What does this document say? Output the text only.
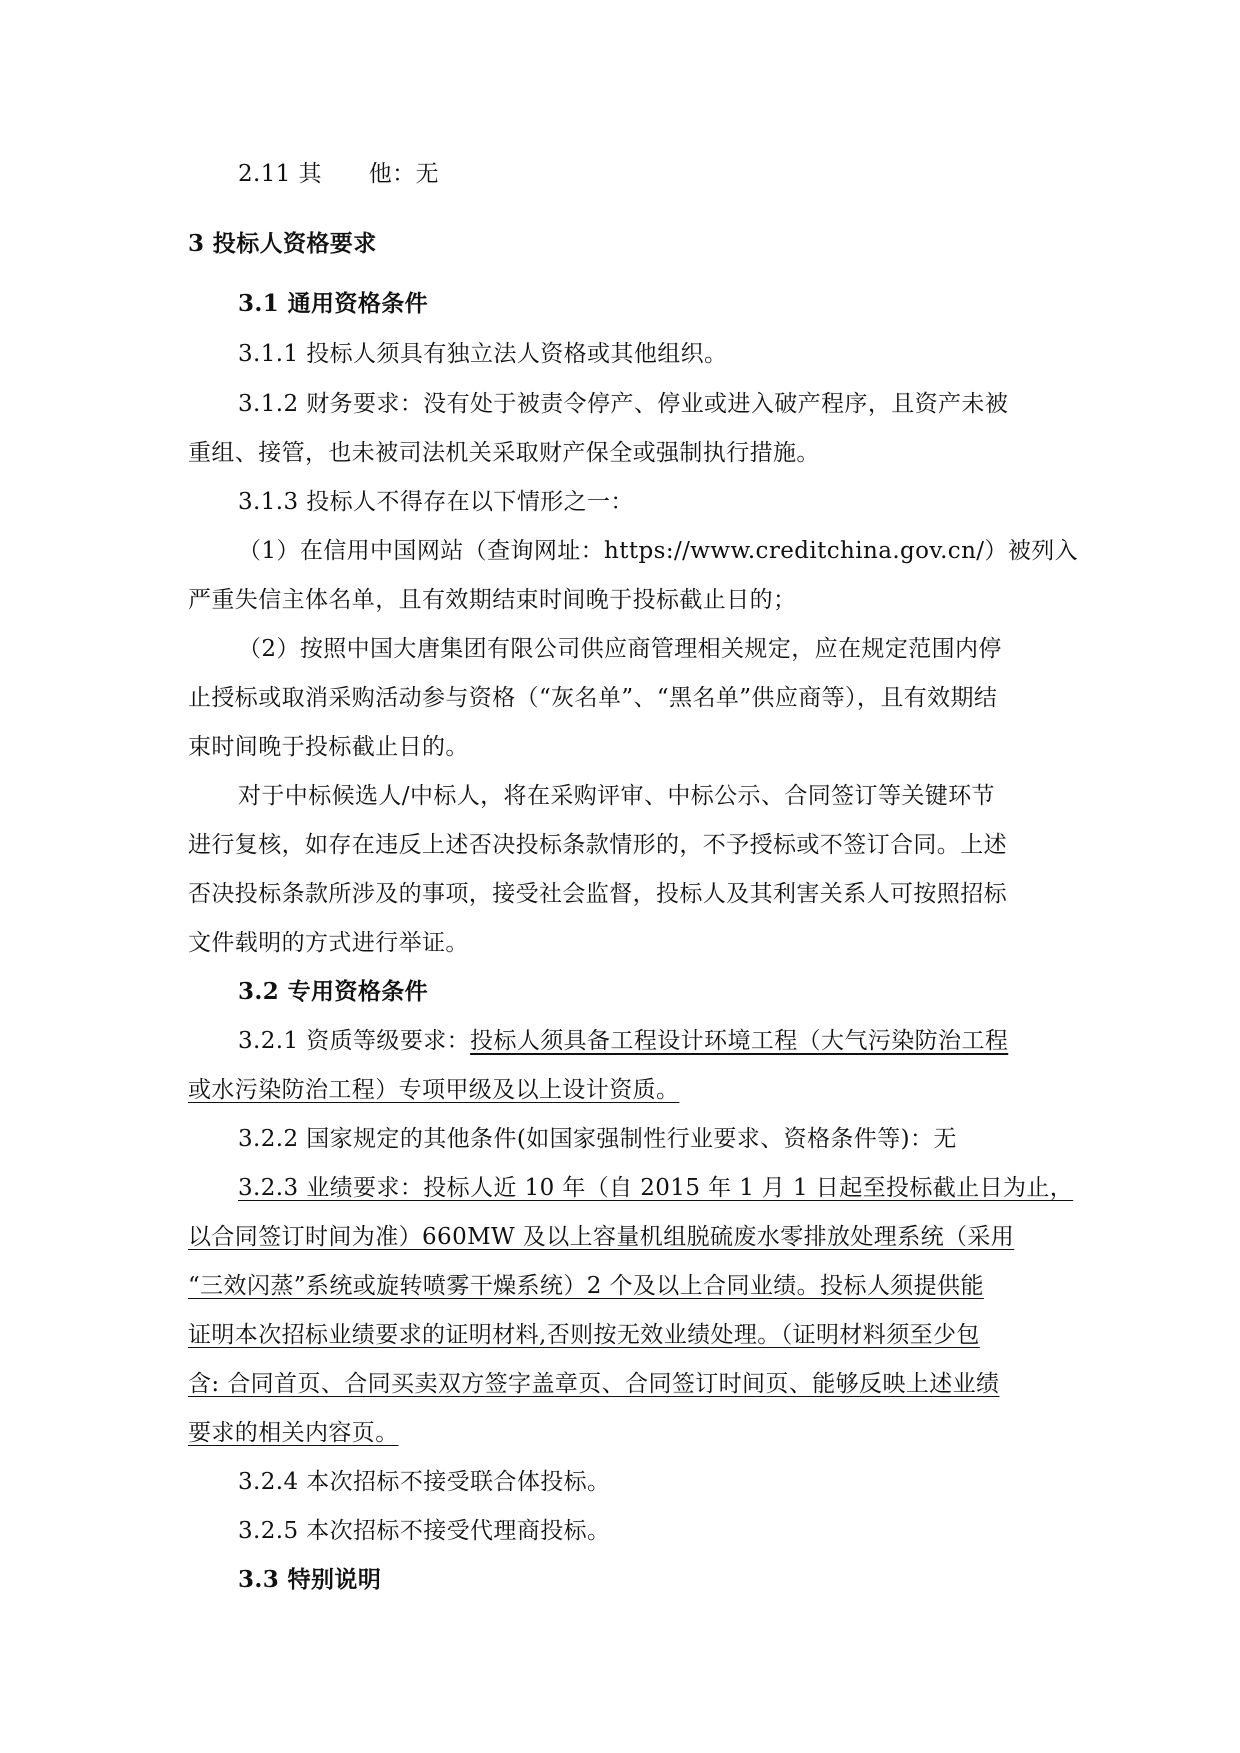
2.11 其　　他：无
3 投标人资格要求
3.1 通用资格条件
3.1.1 投标人须具有独立法人资格或其他组织。
3.1.2 财务要求：没有处于被责令停产、停业或进入破产程序，且资产未被
重组、接管，也未被司法机关采取财产保全或强制执行措施。
3.1.3 投标人不得存在以下情形之一：
（1）在信用中国网站（查询网址：https://www.creditchina.gov.cn/）被列入
严重失信主体名单，且有效期结束时间晚于投标截止日的；
（2）按照中国大唐集团有限公司供应商管理相关规定，应在规定范围内停
止授标或取消采购活动参与资格（“灰名单”、“黑名单”供应商等），且有效期结
束时间晚于投标截止日的。
对于中标候选人/中标人，将在采购评审、中标公示、合同签订等关键环节
进行复核，如存在违反上述否决投标条款情形的，不予授标或不签订合同。上述
否决投标条款所涉及的事项，接受社会监督，投标人及其利害关系人可按照招标
文件载明的方式进行举证。
3.2 专用资格条件
3.2.1 资质等级要求：投标人须具备工程设计环境工程（大气污染防治工程
或水污染防治工程）专项甲级及以上设计资质。
3.2.2 国家规定的其他条件(如国家强制性行业要求、资格条件等)：无
3.2.3 业绩要求：投标人近 10 年（自 2015 年 1 月 1 日起至投标截止日为止，
以合同签订时间为准）660MW 及以上容量机组脱硫废水零排放处理系统（采用
“三效闪蒸”系统或旋转喷雾干燥系统）2 个及以上合同业绩。投标人须提供能
证明本次招标业绩要求的证明材料,否则按无效业绩处理。（证明材料须至少包
含: 合同首页、合同买卖双方签字盖章页、合同签订时间页、能够反映上述业绩
要求的相关内容页。
3.2.4 本次招标不接受联合体投标。
3.2.5 本次招标不接受代理商投标。
3.3 特别说明
